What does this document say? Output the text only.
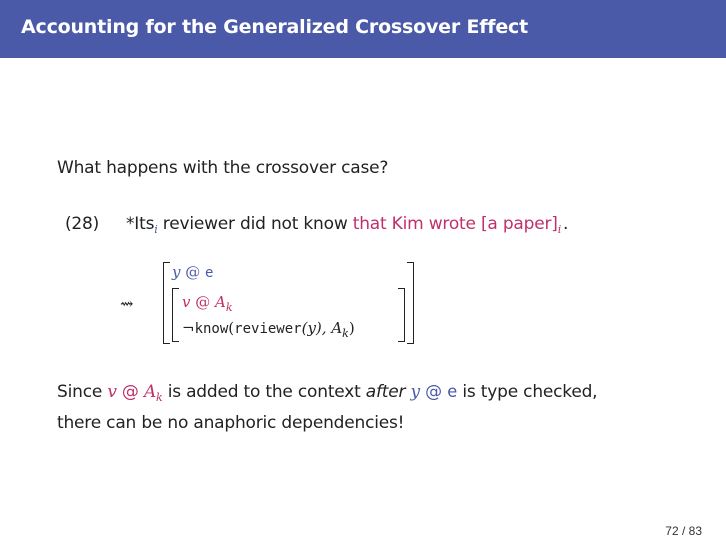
Accounting for the Generalized Crossover Effect
What happens with the crossover case?
(28) *Its$_i$ reviewer did not know that Kim wrote [a $paper]_i$ .
⇝
y @ e
v @ $A_k$
¬know(reviewer(y), $A_k$)
Since v @ $A_k$ is added to the context after y @ e is type checked,
there can be no anaphoric dependencies!
72 / 83
